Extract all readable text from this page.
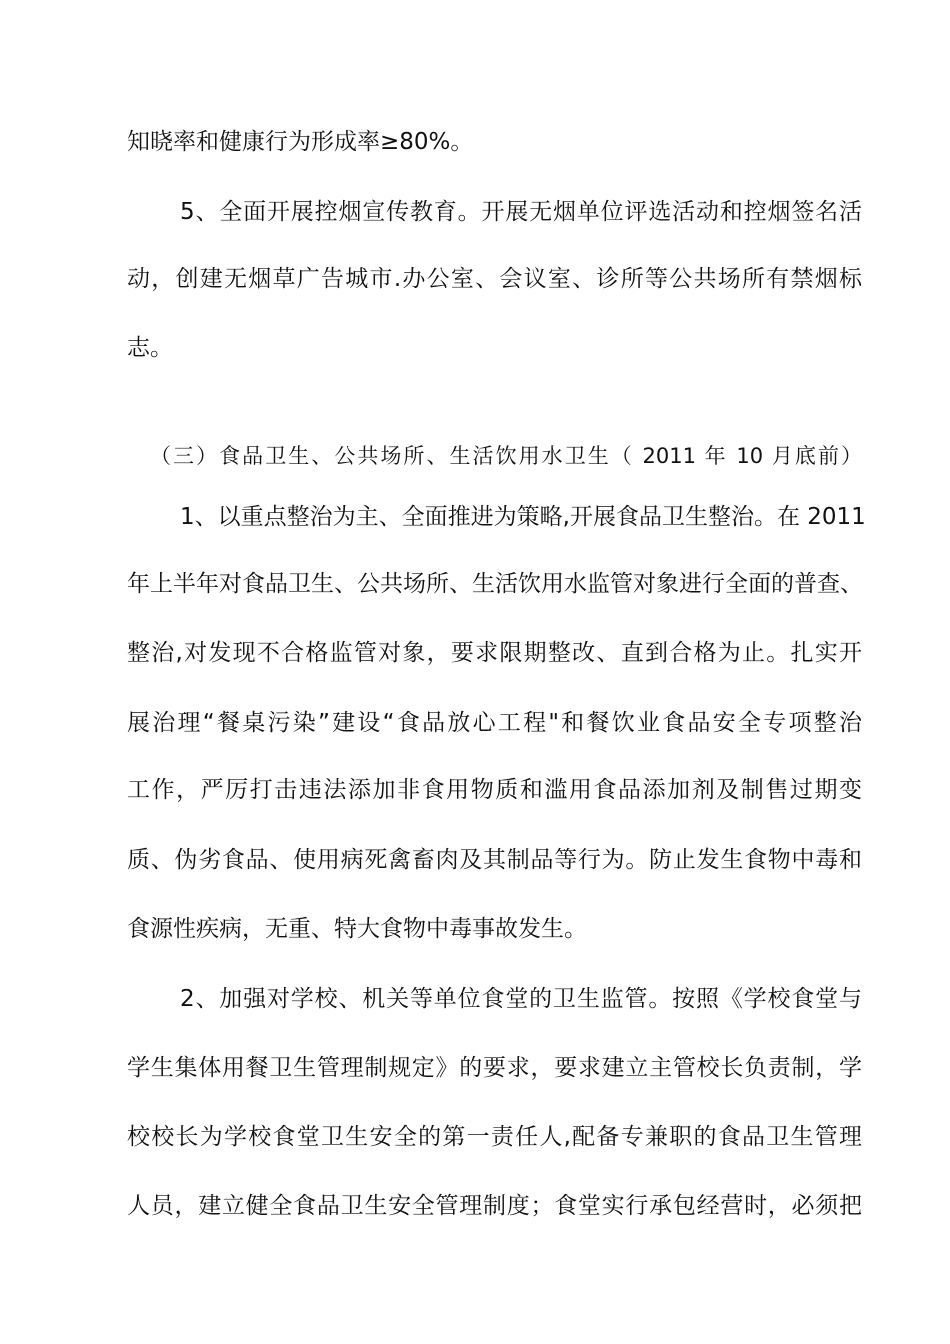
知晓率和健康行为形成率≥80%。
5、全面开展控烟宣传教育。开展无烟单位评选活动和控烟签名活
动，创建无烟草广告城市.办公室、会议室、诊所等公共场所有禁烟标
志。
（三）食品卫生、公共场所、生活饮用水卫生（ 2011 年 10 月底前）
1、以重点整治为主、全面推进为策略,开展食品卫生整治。在 2011
年上半年对食品卫生、公共场所、生活饮用水监管对象进行全面的普查、
整治,对发现不合格监管对象，要求限期整改、直到合格为止。扎实开
展治理“餐桌污染”建设“食品放心工程"和餐饮业食品安全专项整治
工作，严厉打击违法添加非食用物质和滥用食品添加剂及制售过期变
质、伪劣食品、使用病死禽畜肉及其制品等行为。防止发生食物中毒和
食源性疾病，无重、特大食物中毒事故发生。
2、加强对学校、机关等单位食堂的卫生监管。按照《学校食堂与
学生集体用餐卫生管理制规定》的要求，要求建立主管校长负责制，学
校校长为学校食堂卫生安全的第一责任人,配备专兼职的食品卫生管理
人员，建立健全食品卫生安全管理制度；食堂实行承包经营时，必须把
